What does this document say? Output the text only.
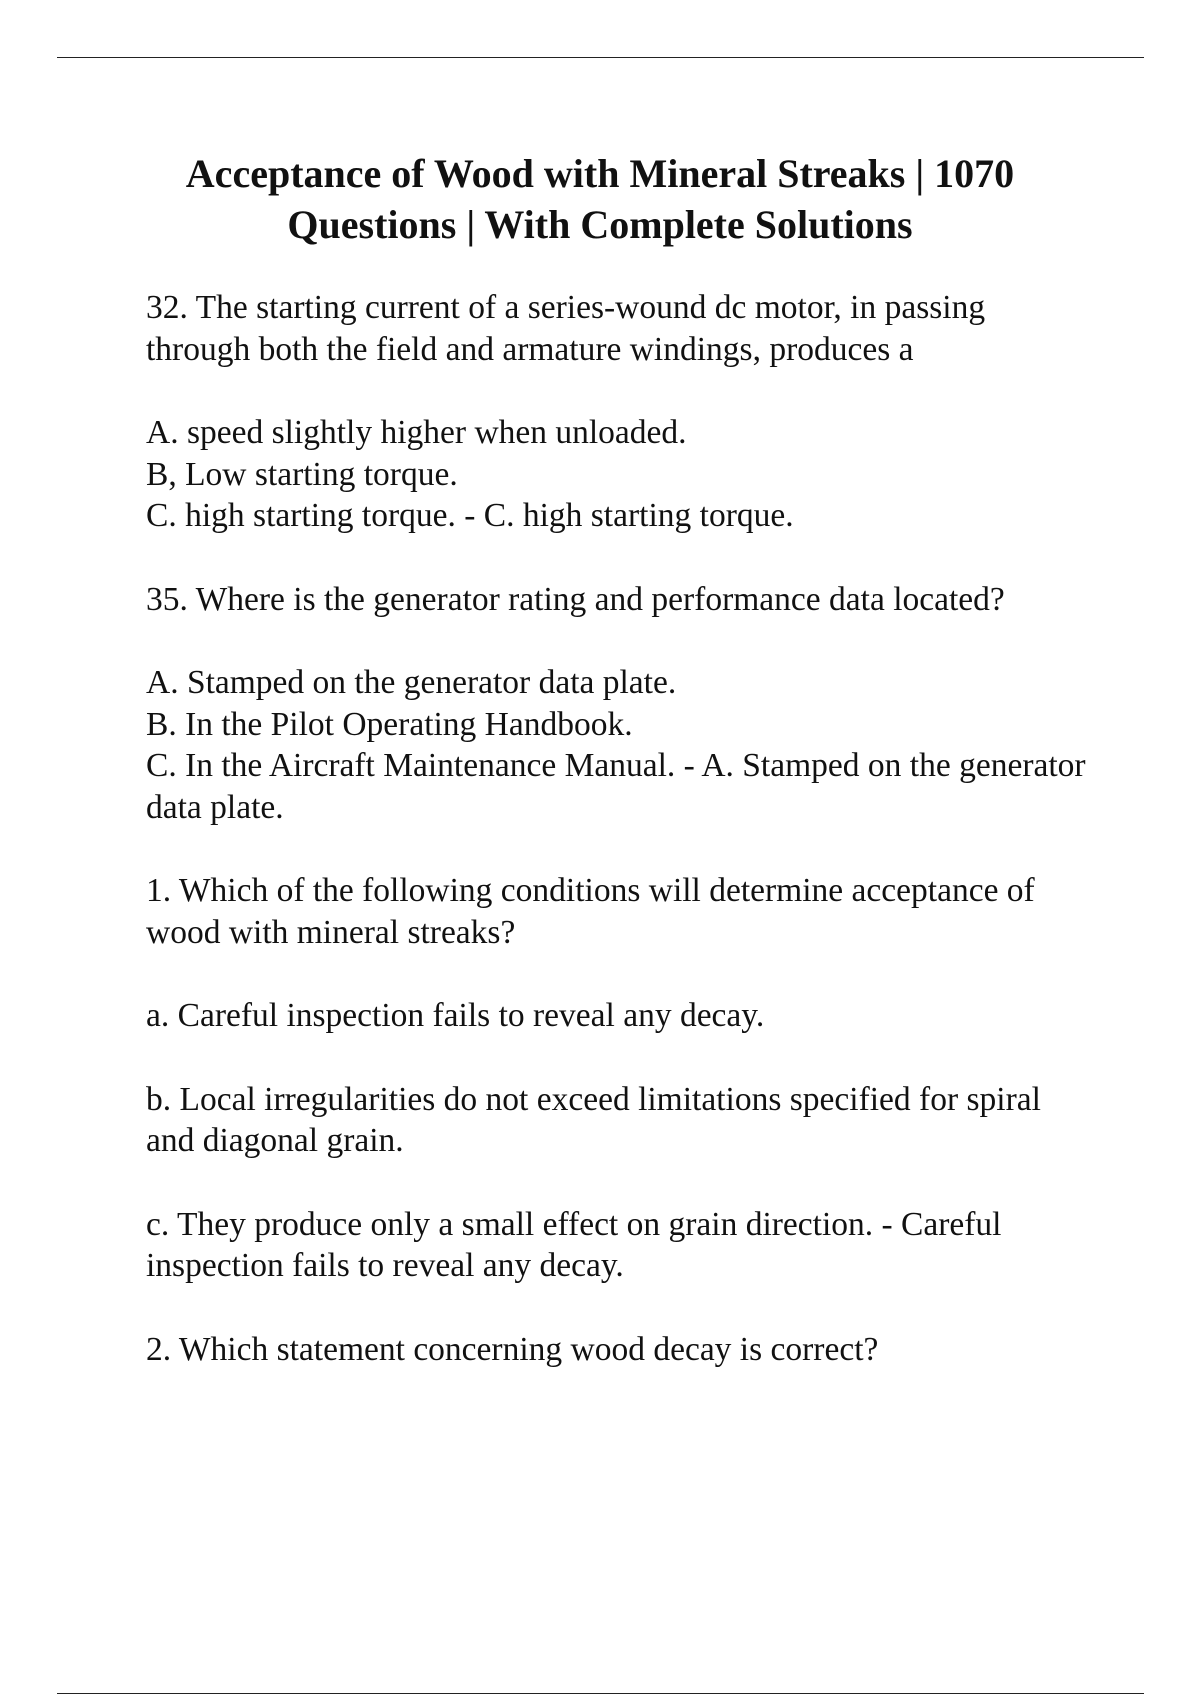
Acceptance of Wood with Mineral Streaks | 1070 Questions | With Complete Solutions

32. The starting current of a series-wound dc motor, in passing through both the field and armature windings, produces a

A. speed slightly higher when unloaded.
B, Low starting torque.
C. high starting torque. - C. high starting torque.

35. Where is the generator rating and performance data located?

A. Stamped on the generator data plate.
B. In the Pilot Operating Handbook.
C. In the Aircraft Maintenance Manual. - A. Stamped on the generator data plate.

1. Which of the following conditions will determine acceptance of wood with mineral streaks?

a. Careful inspection fails to reveal any decay.

b. Local irregularities do not exceed limitations specified for spiral and diagonal grain.

c. They produce only a small effect on grain direction. - Careful inspection fails to reveal any decay.

2. Which statement concerning wood decay is correct?
